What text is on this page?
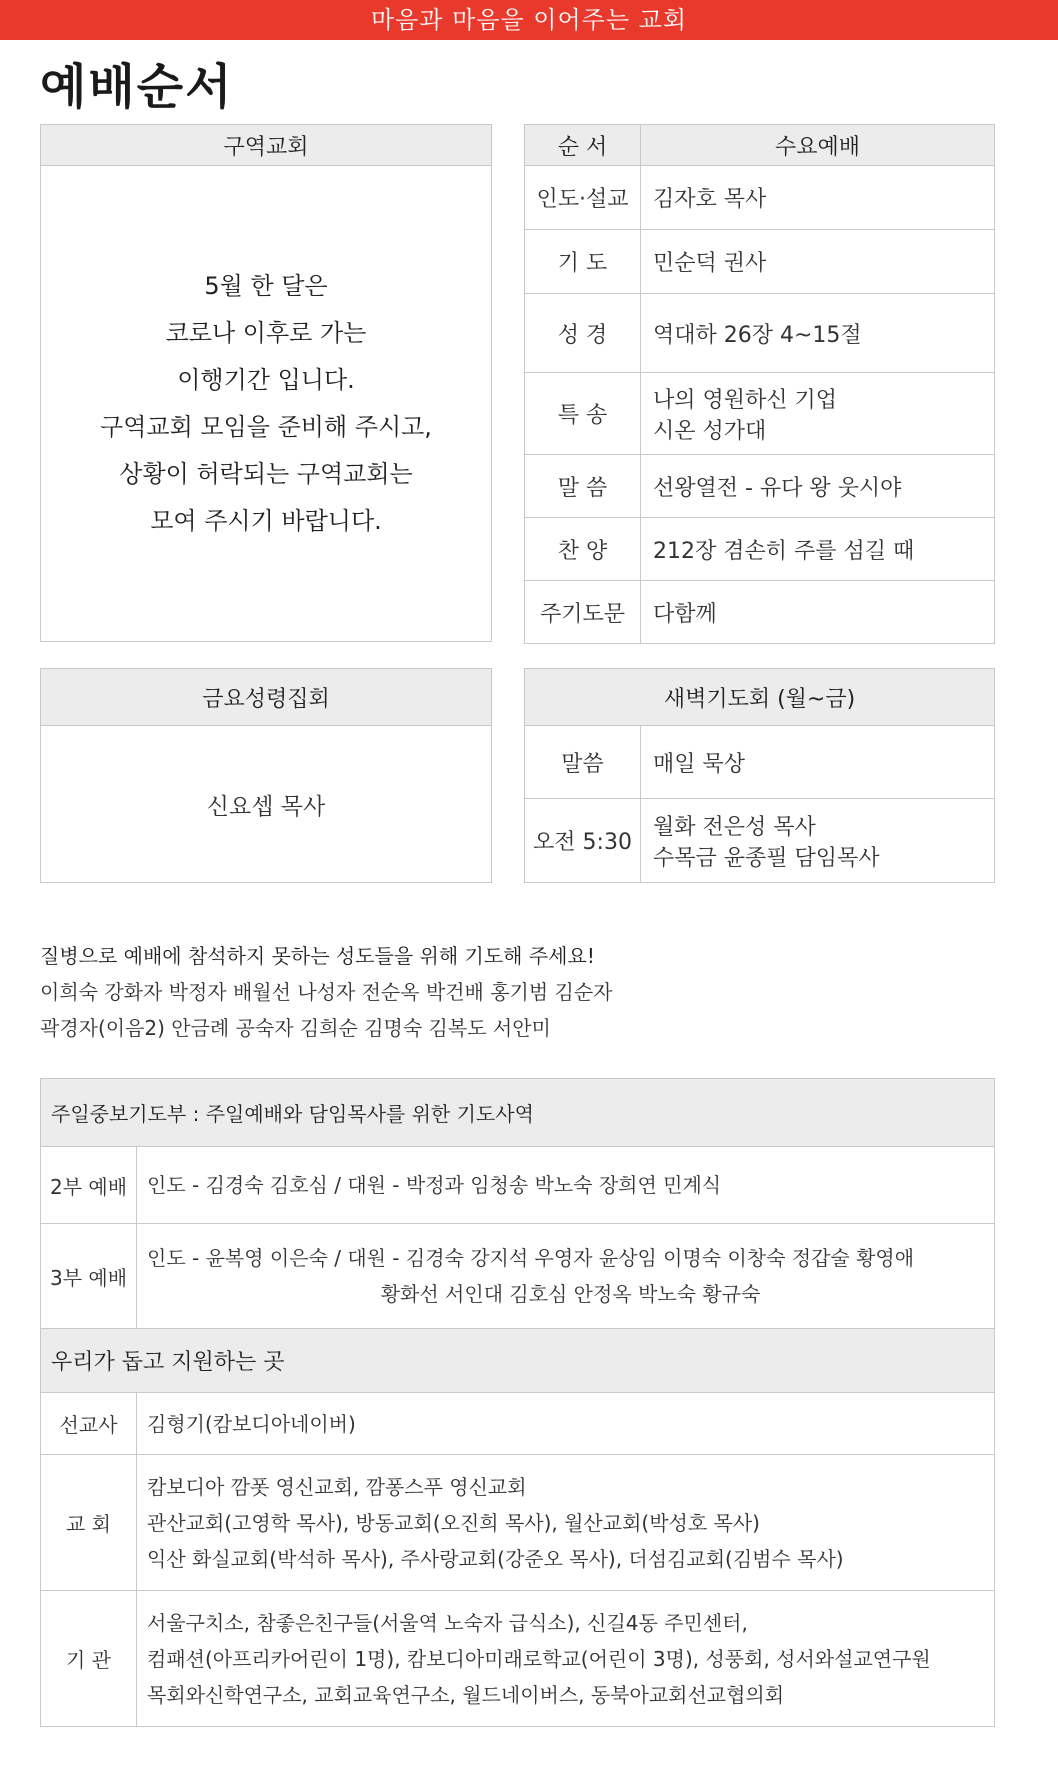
마음과 마음을 이어주는 교회
예배순서
구역교회

5월 한 달은
코로나 이후로 가는
이행기간 입니다.
구역교회 모임을 준비해 주시고,
상황이 허락되는 구역교회는
모여 주시기 바랍니다.
순 서	수요예배
인도·설교	김자호 목사
기 도	민순덕 권사
성 경	역대하 26장 4~15절
특 송	나의 영원하신 기업
시온 성가대

말 씀	선왕열전 - 유다 왕 웃시야
찬 양	212장 겸손히 주를 섬길 때
주기도문	다함께
금요성령집회
신요셉 목사
새벽기도회 (월~금)	
말씀	매일 묵상
오전 5:30	월화 전은성 목사
수목금 윤종필 담임목사
질병으로 예배에 참석하지 못하는 성도들을 위해 기도해 주세요!
이희숙 강화자 박정자 배월선 나성자 전순옥 박건배 홍기범 김순자
곽경자(이음2) 안금례 공숙자 김희순 김명숙 김복도 서안미
주일중보기도부 : 주일예배와 담임목사를 위한 기도사역	
2부 예배	인도 - 김경숙 김호심 / 대원 - 박정과 임청송 박노숙 장희연 민계식
3부 예배	인도 - 윤복영 이은숙 / 대원 - 김경숙 강지석 우영자 윤상임 이명숙 이창숙 정갑술 황영애
황화선 서인대 김호심 안정옥 박노숙 황규숙

우리가 돕고 지원하는 곳	
선교사	김형기(캄보디아네이버)
교 회	캄보디아 깜폿 영신교회, 깜퐁스푸 영신교회
관산교회(고영학 목사), 방동교회(오진희 목사), 월산교회(박성호 목사)
익산 화실교회(박석하 목사), 주사랑교회(강준오 목사), 더섬김교회(김범수 목사)

기 관	서울구치소, 참좋은친구들(서울역 노숙자 급식소), 신길4동 주민센터,
컴패션(아프리카어린이 1명), 캄보디아미래로학교(어린이 3명), 성풍회, 성서와설교연구원
목회와신학연구소, 교회교육연구소, 월드네이버스, 동북아교회선교협의회
